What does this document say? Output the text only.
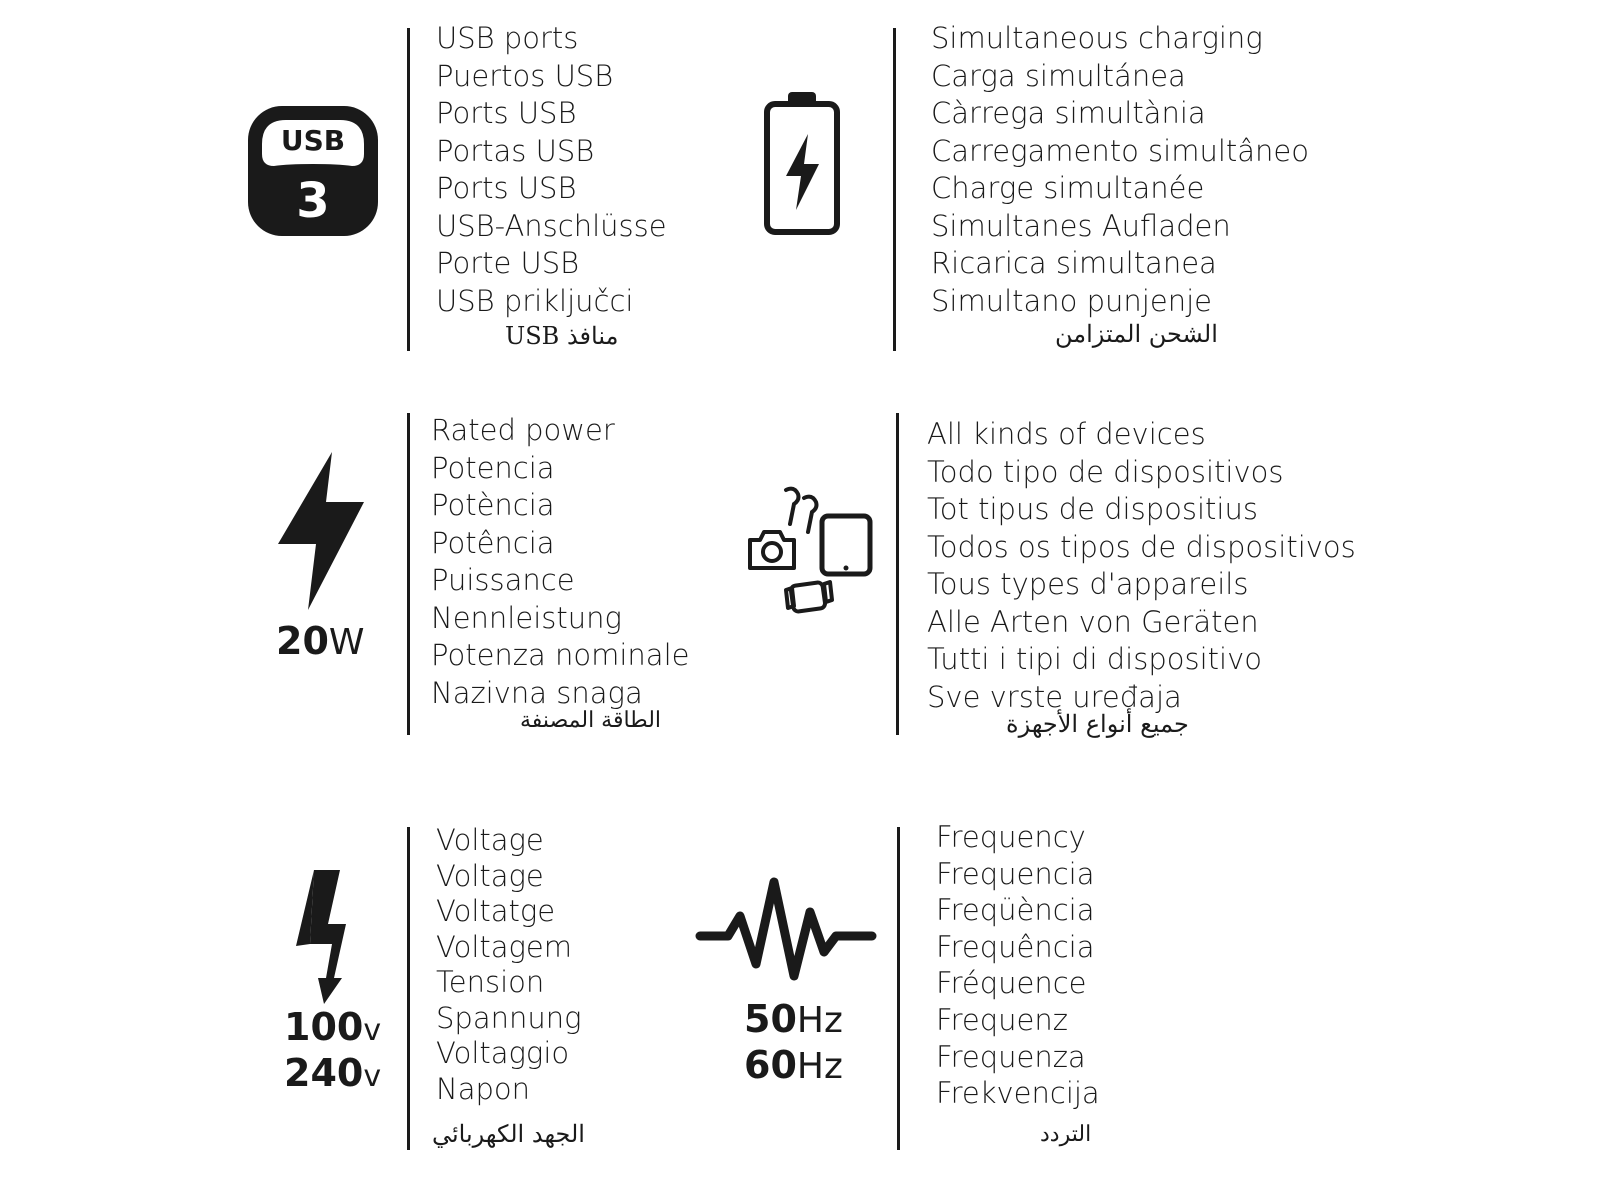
USB
3
USB ports
Puertos USB
Ports USB
Portas USB
Ports USB
USB-Anschlüsse
Porte USB
USB priključci
منافذ USB
Simultaneous charging
Carga simultánea
Càrrega simultània
Carregamento simultâneo
Charge simultanée
Simultanes Aufladen
Ricarica simultanea
Simultano punjenje
الشحن المتزامن
20W
Rated power
Potencia
Potència
Potência
Puissance
Nennleistung
Potenza nominale
Nazivna snaga
الطاقة المصنفة
All kinds of devices
Todo tipo de dispositivos
Tot tipus de dispositius
Todos os tipos de dispositivos
Tous types d'appareils
Alle Arten von Geräten
Tutti i tipi di dispositivo
Sve vrste uređaja
جميع أنواع الأجهزة
100v
240v
Voltage
Voltage
Voltatge
Voltagem
Tension
Spannung
Voltaggio
Napon
الجهد الكهربائي
50Hz
60Hz
Frequency
Frequencia
Freqüència
Frequência
Fréquence
Frequenz
Frequenza
Frekvencija
التردد
